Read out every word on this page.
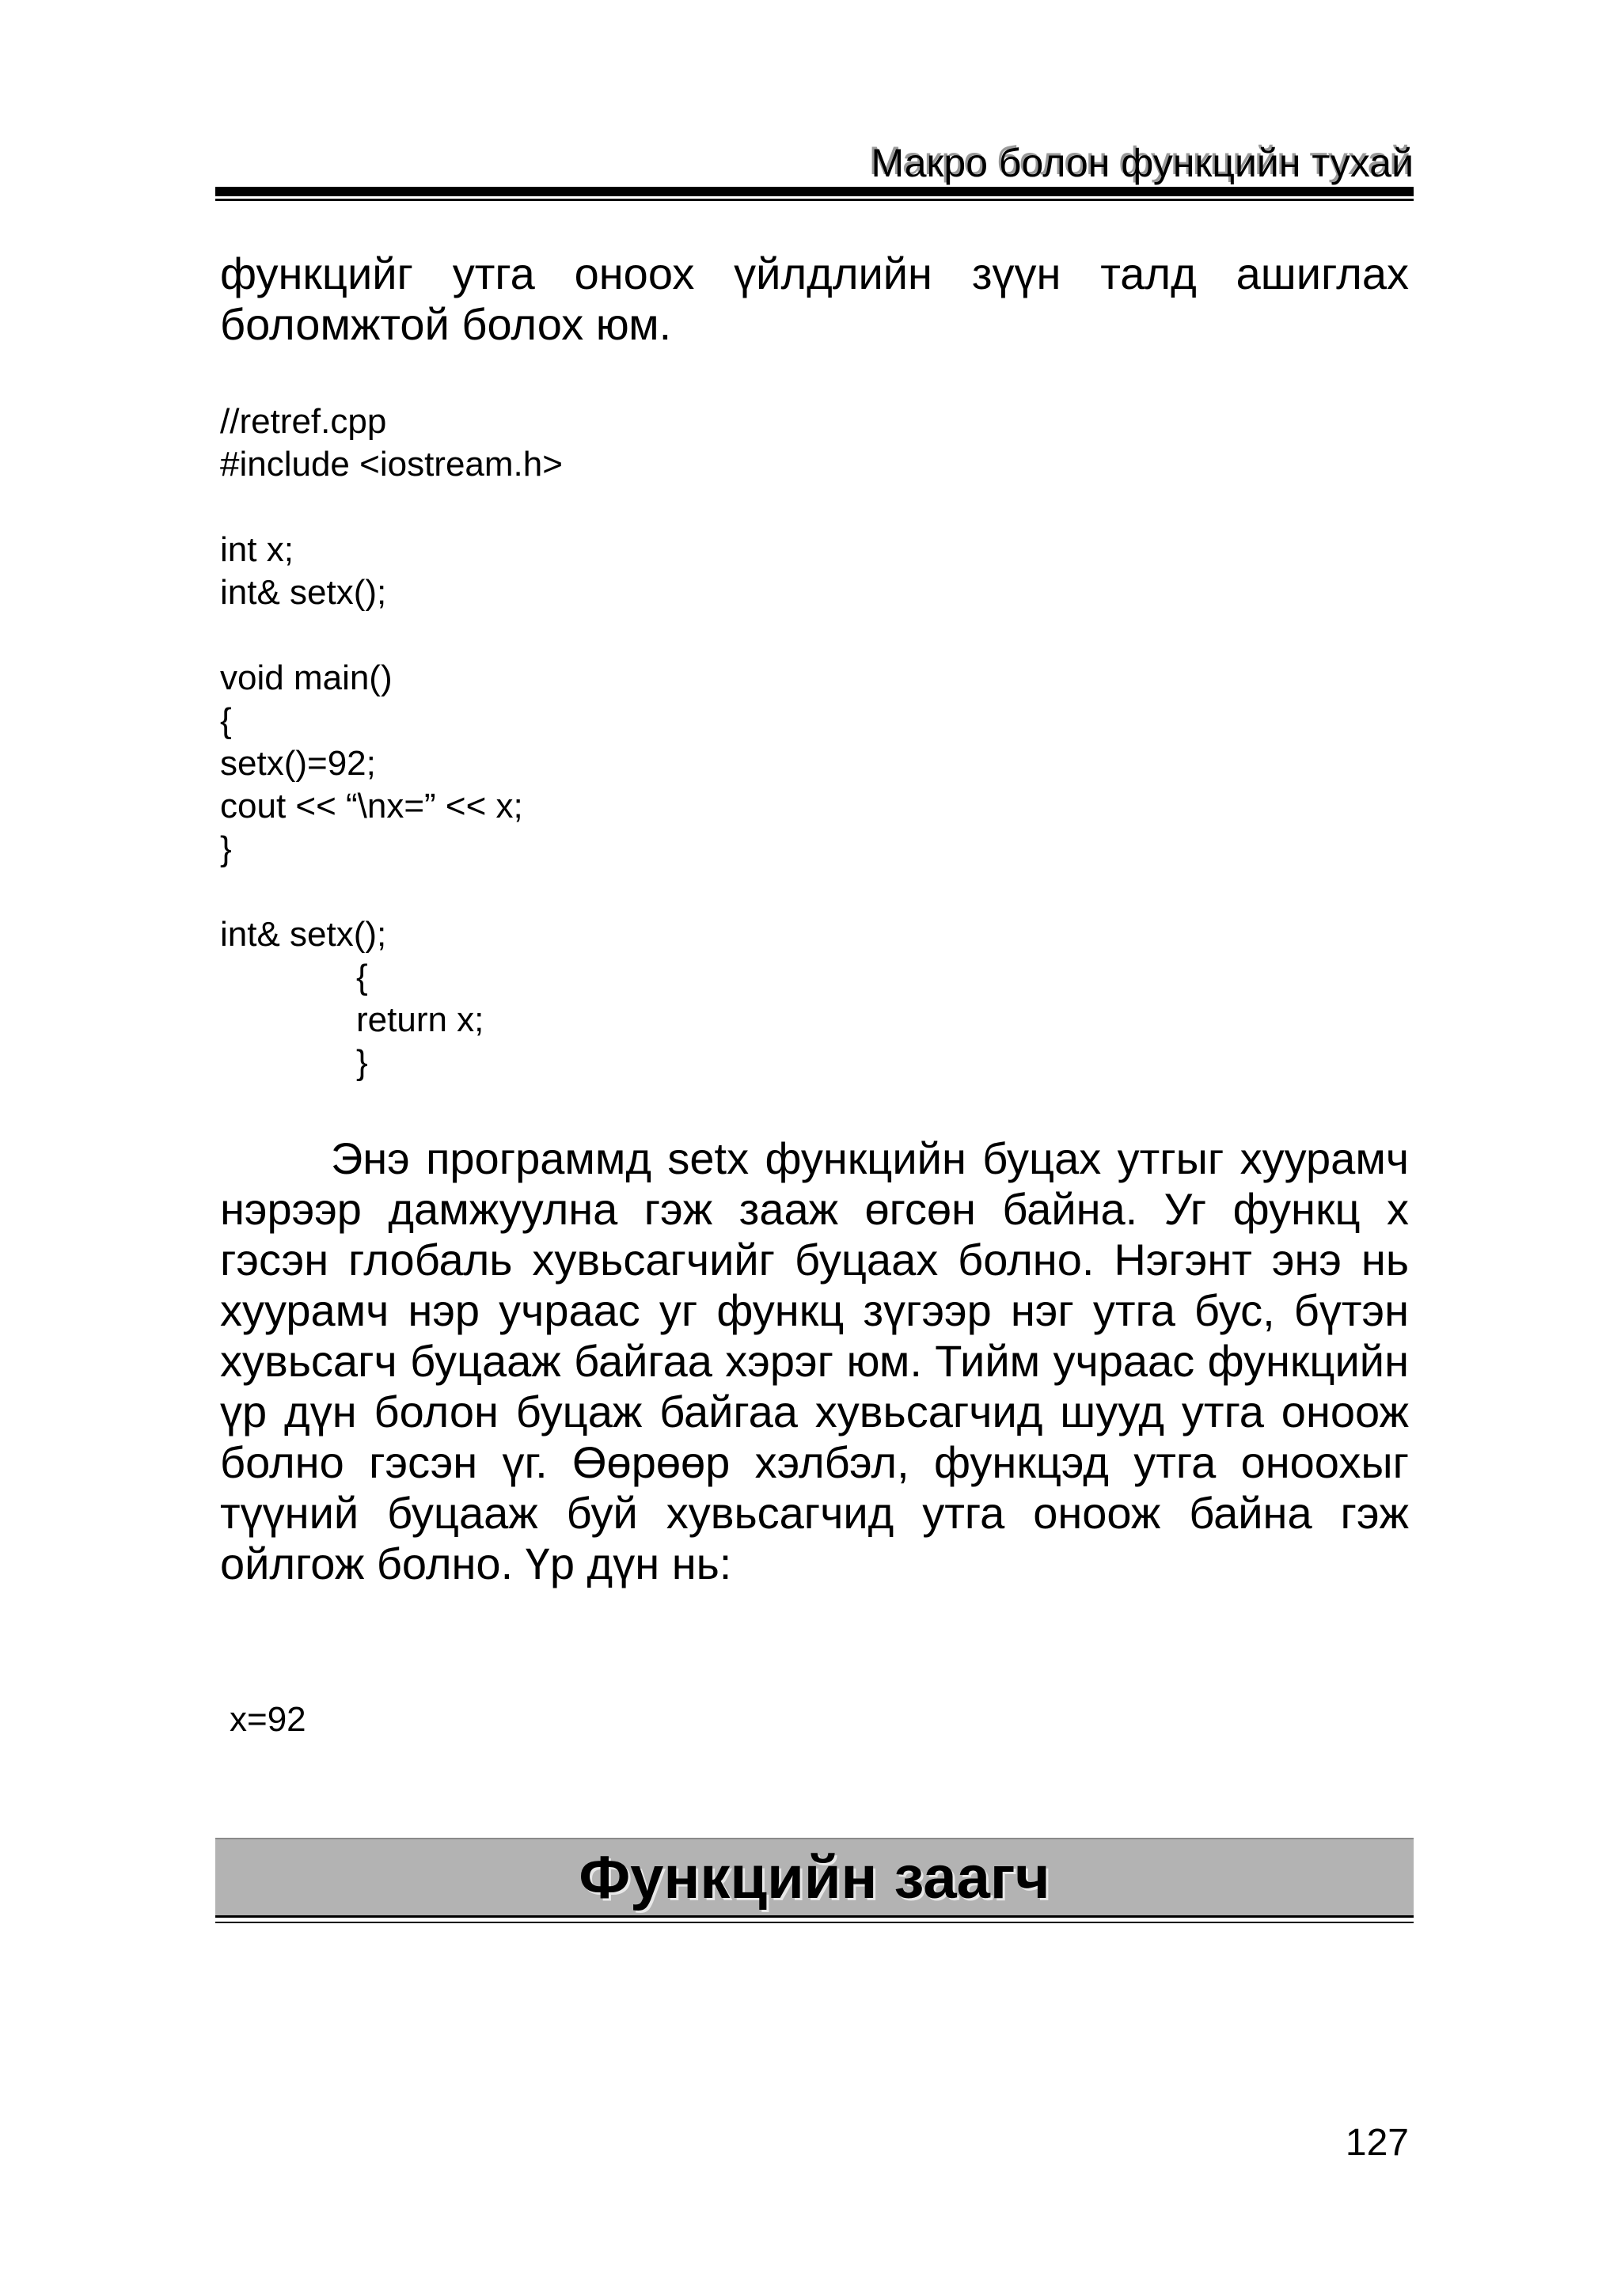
Макро болон функцийн тухай

функцийг утга оноох үйлдлийн зүүн талд ашиглах боломжтой болох юм.

//retref.cpp
#include <iostream.h>
int x;
int& setx();
void main()
{
setx()=92;
cout << “\nx=” << x;
}
int& setx();
{
return x;
}

Энэ программд setx функцийн буцах утгыг хуурамч нэрээр дамжуулна гэж зааж өгсөн байна. Уг функц x гэсэн глобаль хувьсагчийг буцаах болно. Нэгэнт энэ нь хуурамч нэр учраас уг функц зүгээр нэг утга бус, бүтэн хувьсагч буцааж байгаа хэрэг юм. Тийм учраас функцийн үр дүн болон буцаж байгаа хувьсагчид шууд утга оноож болно гэсэн үг. Өөрөөр хэлбэл, функцэд утга оноохыг түүний буцааж буй хувьсагчид утга оноож байна гэж ойлгож болно. Үр дүн нь:

x=92
Функцийн заагч
127
